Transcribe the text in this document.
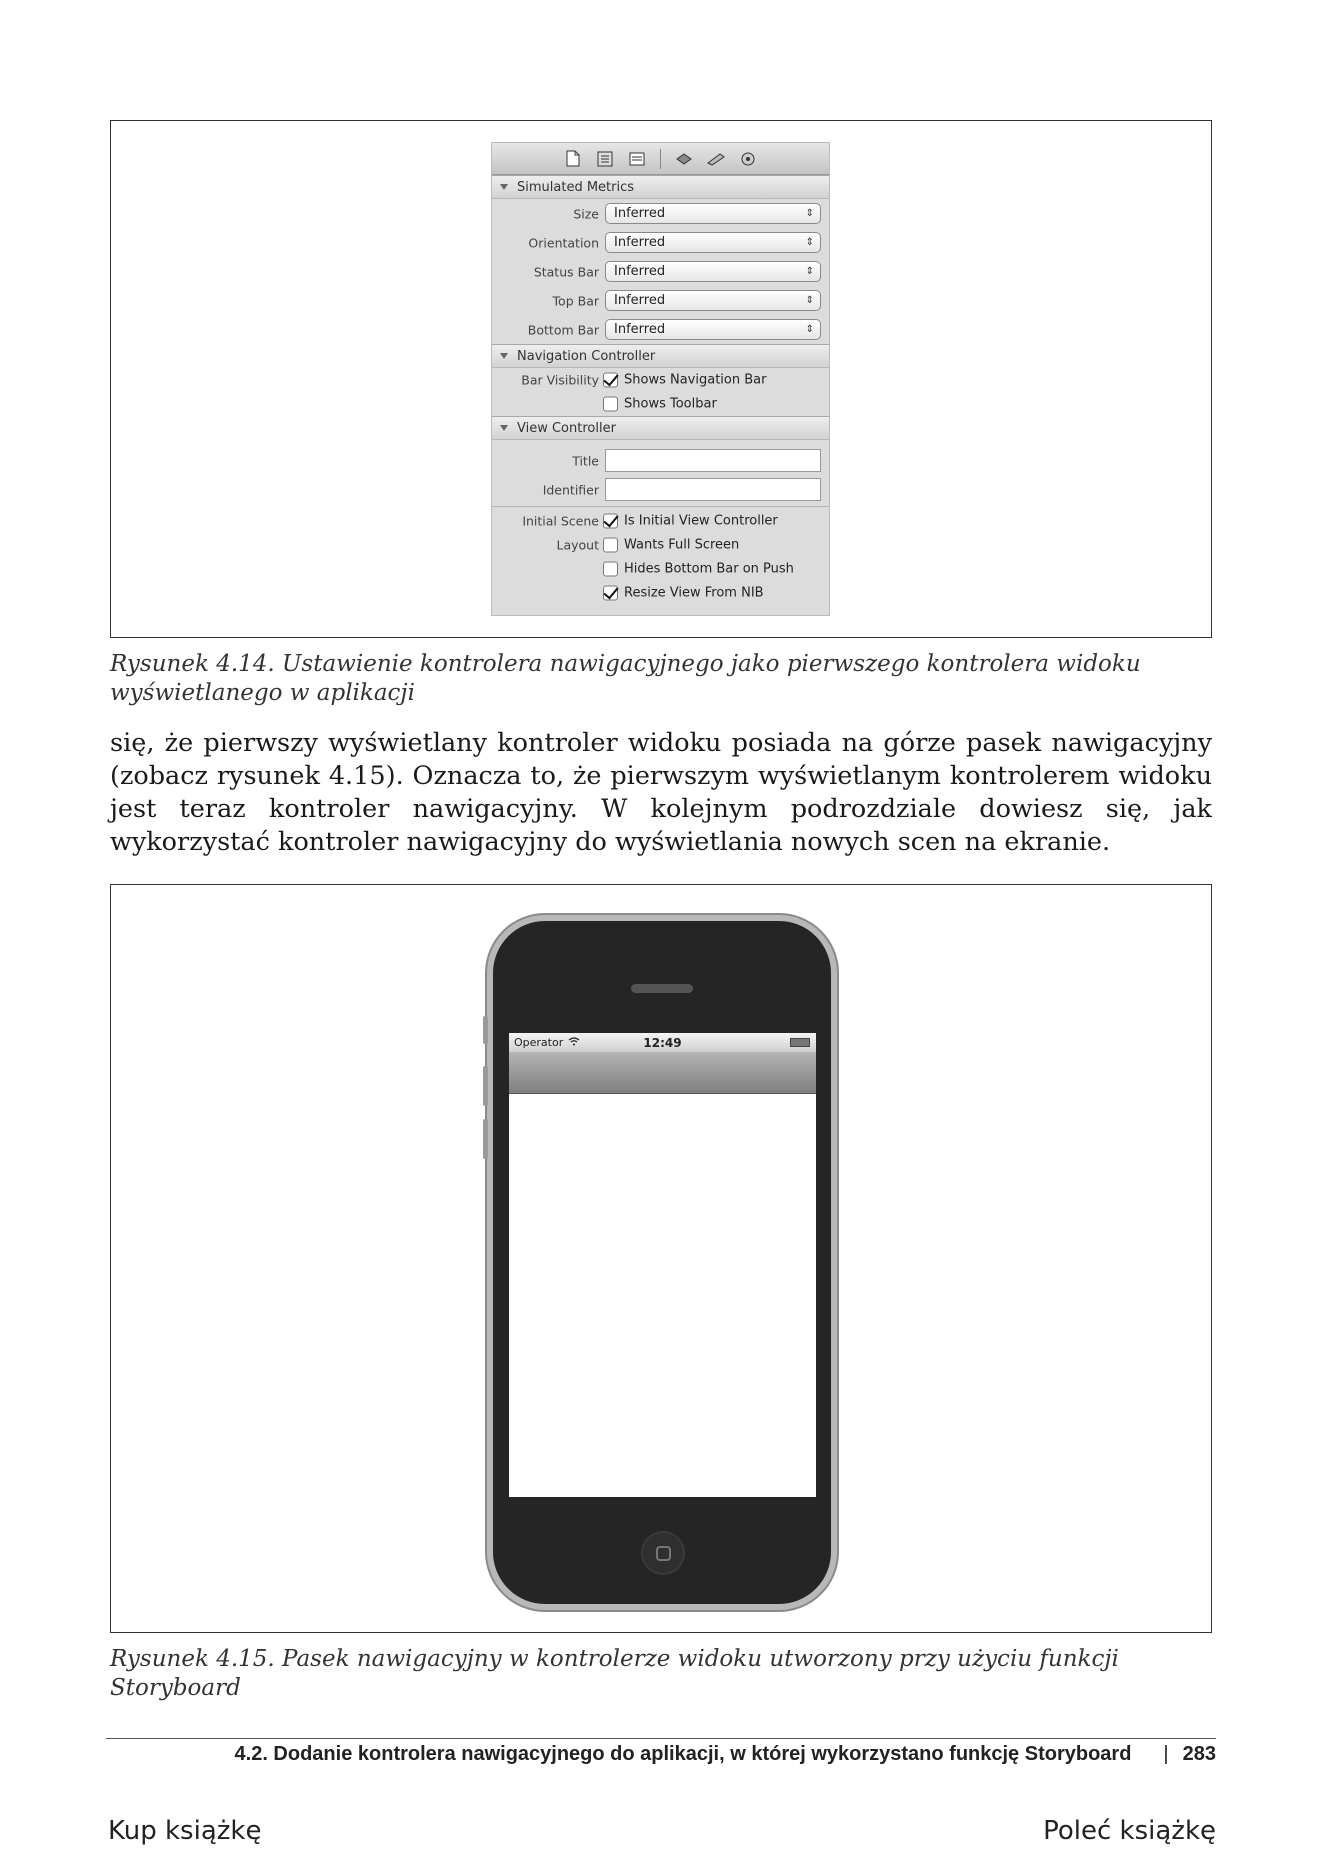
Simulated Metrics
Size	Inferred	⇕
Orientation	Inferred	⇕
Status Bar	Inferred	⇕
Top Bar	Inferred	⇕
Bottom Bar	Inferred	⇕
Navigation Controller
Bar Visibility Shows Navigation Bar
Shows Toolbar
View Controller
Title
Identifier
Initial Scene Is Initial View Controller
Layout Wants Full Screen
Hides Bottom Bar on Push
Resize View From NIB

Rysunek 4.14. Ustawienie kontrolera nawigacyjnego jako pierwszego kontrolera widoku wyświetlanego w aplikacji

się, że pierwszy wyświetlany kontroler widoku posiada na górze pasek nawigacyjny (zobacz rysunek 4.15). Oznacza to, że pierwszym wyświetlanym kontrolerem widoku jest teraz kontroler nawigacyjny. W kolejnym podrozdziale dowiesz się, jak wykorzystać kontroler nawigacyjny do wyświetlania nowych scen na ekranie.

Operator	12:49

Rysunek 4.15. Pasek nawigacyjny w kontrolerze widoku utworzony przy użyciu funkcji Storyboard

4.2. Dodanie kontrolera nawigacyjnego do aplikacji, w której wykorzystano funkcję Storyboard | 283
Kup książkę	Poleć książkę
